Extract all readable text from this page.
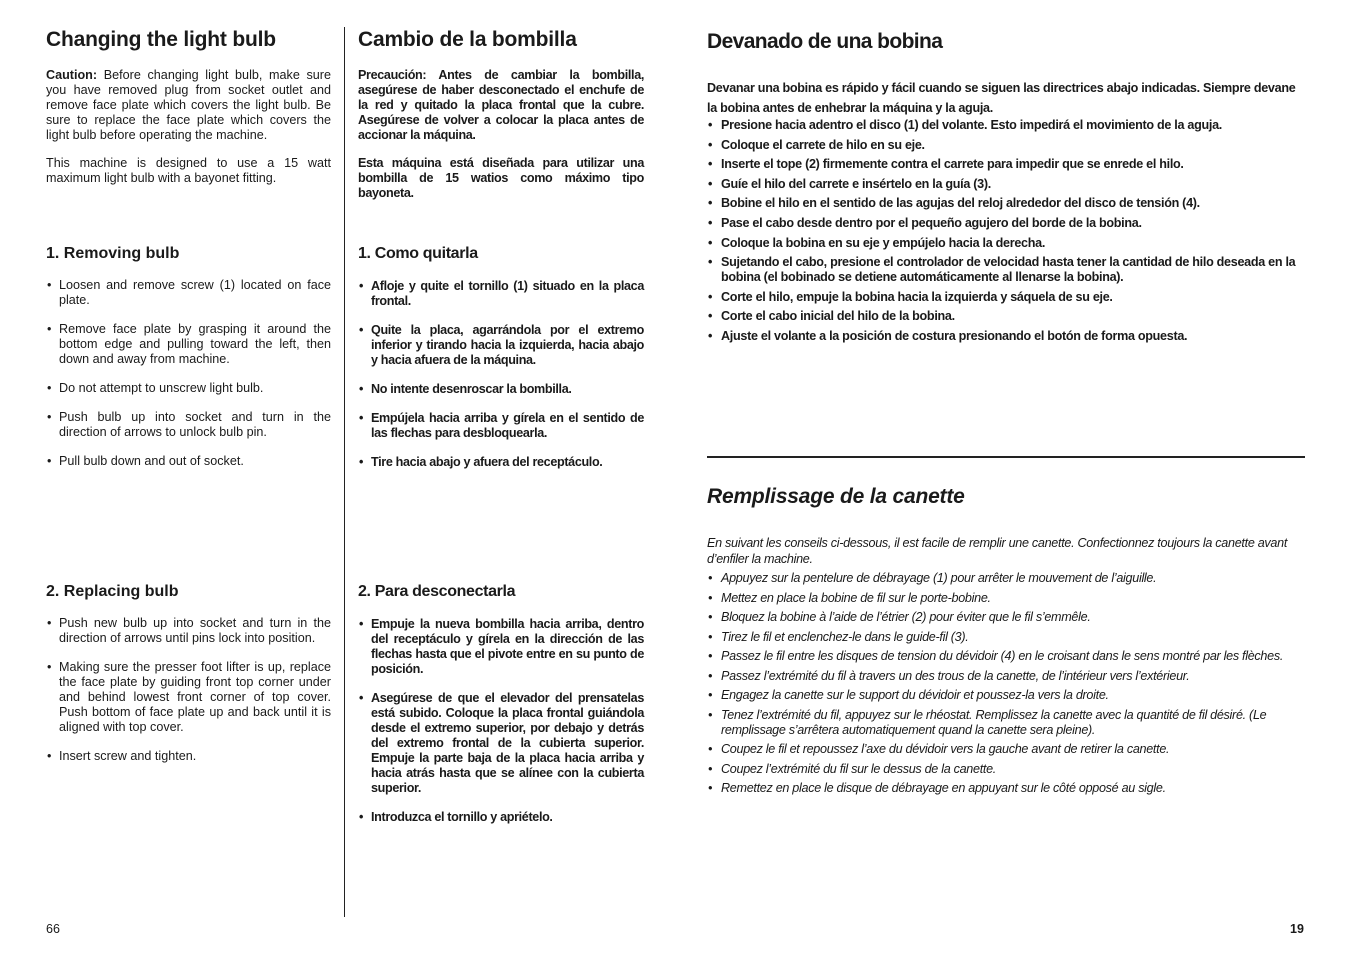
Changing the light bulb

Caution: Before changing light bulb, make sure you have removed plug from socket outlet and remove face plate which covers the light bulb. Be sure to replace the face plate which covers the light bulb before operating the machine.

This machine is designed to use a 15 watt maximum light bulb with a bayonet fitting.

1. Removing bulb
• Loosen and remove screw (1) located on face plate.
• Remove face plate by grasping it around the bottom edge and pulling toward the left, then down and away from machine.
• Do not attempt to unscrew light bulb.
• Push bulb up into socket and turn in the direction of arrows to unlock bulb pin.
• Pull bulb down and out of socket.
2. Replacing bulb
• Push new bulb up into socket and turn in the direction of arrows until pins lock into position.
• Making sure the presser foot lifter is up, replace the face plate by guiding front top corner under and behind lowest front corner of top cover. Push bottom of face plate up and back until it is aligned with top cover.
• Insert screw and tighten.
Cambio de la bombilla

Precaución: Antes de cambiar la bombilla, asegúrese de haber desconectado el enchufe de la red y quitado la placa frontal que la cubre. Asegúrese de volver a colocar la placa antes de accionar la máquina.

Esta máquina está diseñada para utilizar una bombilla de 15 watios como máximo tipo bayoneta.

1. Como quitarla
• Afloje y quite el tornillo (1) situado en la placa frontal.
• Quite la placa, agarrándola por el extremo inferior y tirando hacia la izquierda, hacia abajo y hacia afuera de la máquina.
• No intente desenroscar la bombilla.
• Empújela hacia arriba y gírela en el sentido de las flechas para desbloquearla.
• Tire hacia abajo y afuera del receptáculo.
2. Para desconectarla
• Empuje la nueva bombilla hacia arriba, dentro del receptáculo y gírela en la dirección de las flechas hasta que el pivote entre en su punto de posición.
• Asegúrese de que el elevador del prensatelas está subido. Coloque la placa frontal guiándola desde el extremo superior, por debajo y detrás del extremo frontal de la cubierta superior. Empuje la parte baja de la placa hacia arriba y hacia atrás hasta que se alínee con la cubierta superior.
• Introduzca el tornillo y apriételo.
66
Devanado de una bobina

Devanar una bobina es rápido y fácil cuando se siguen las directrices abajo indicadas. Siempre devane la bobina antes de enhebrar la máquina y la aguja.

• Presione hacia adentro el disco (1) del volante. Esto impedirá el movimiento de la aguja.
• Coloque el carrete de hilo en su eje.
• Inserte el tope (2) firmemente contra el carrete para impedir que se enrede el hilo.
• Guíe el hilo del carrete e insértelo en la guía (3).
• Bobine el hilo en el sentido de las agujas del reloj alrededor del disco de tensión (4).
• Pase el cabo desde dentro por el pequeño agujero del borde de la bobina.
• Coloque la bobina en su eje y empújelo hacia la derecha.
• Sujetando el cabo, presione el controlador de velocidad hasta tener la cantidad de hilo deseada en la bobina (el bobinado se detiene automáticamente al llenarse la bobina).
• Corte el hilo, empuje la bobina hacia la izquierda y sáquela de su eje.
• Corte el cabo inicial del hilo de la bobina.
• Ajuste el volante a la posición de costura presionando el botón de forma opuesta.
Remplissage de la canette

En suivant les conseils ci-dessous, il est facile de remplir une canette. Confectionnez toujours la canette avant d’enfiler la machine.

• Appuyez sur la pentelure de débrayage (1) pour arrêter le mouvement de l’aiguille.
• Mettez en place la bobine de fil sur le porte-bobine.
• Bloquez la bobine à l’aide de l’étrier (2) pour éviter que le fil s’emmêle.
• Tirez le fil et enclenchez-le dans le guide-fil (3).
• Passez le fil entre les disques de tension du dévidoir (4) en le croisant dans le sens montré par les flèches.
• Passez l’extrémité du fil à travers un des trous de la canette, de l’intérieur vers l’extérieur.
• Engagez la canette sur le support du dévidoir et poussez-la vers la droite.
• Tenez l’extrémité du fil, appuyez sur le rhéostat. Remplissez la canette avec la quantité de fil désiré. (Le remplissage s’arrêtera automatiquement quand la canette sera pleine).
• Coupez le fil et repoussez l’axe du dévidoir vers la gauche avant de retirer la canette.
• Coupez l’extrémité du fil sur le dessus de la canette.
• Remettez en place le disque de débrayage en appuyant sur le côté opposé au sigle.
19
